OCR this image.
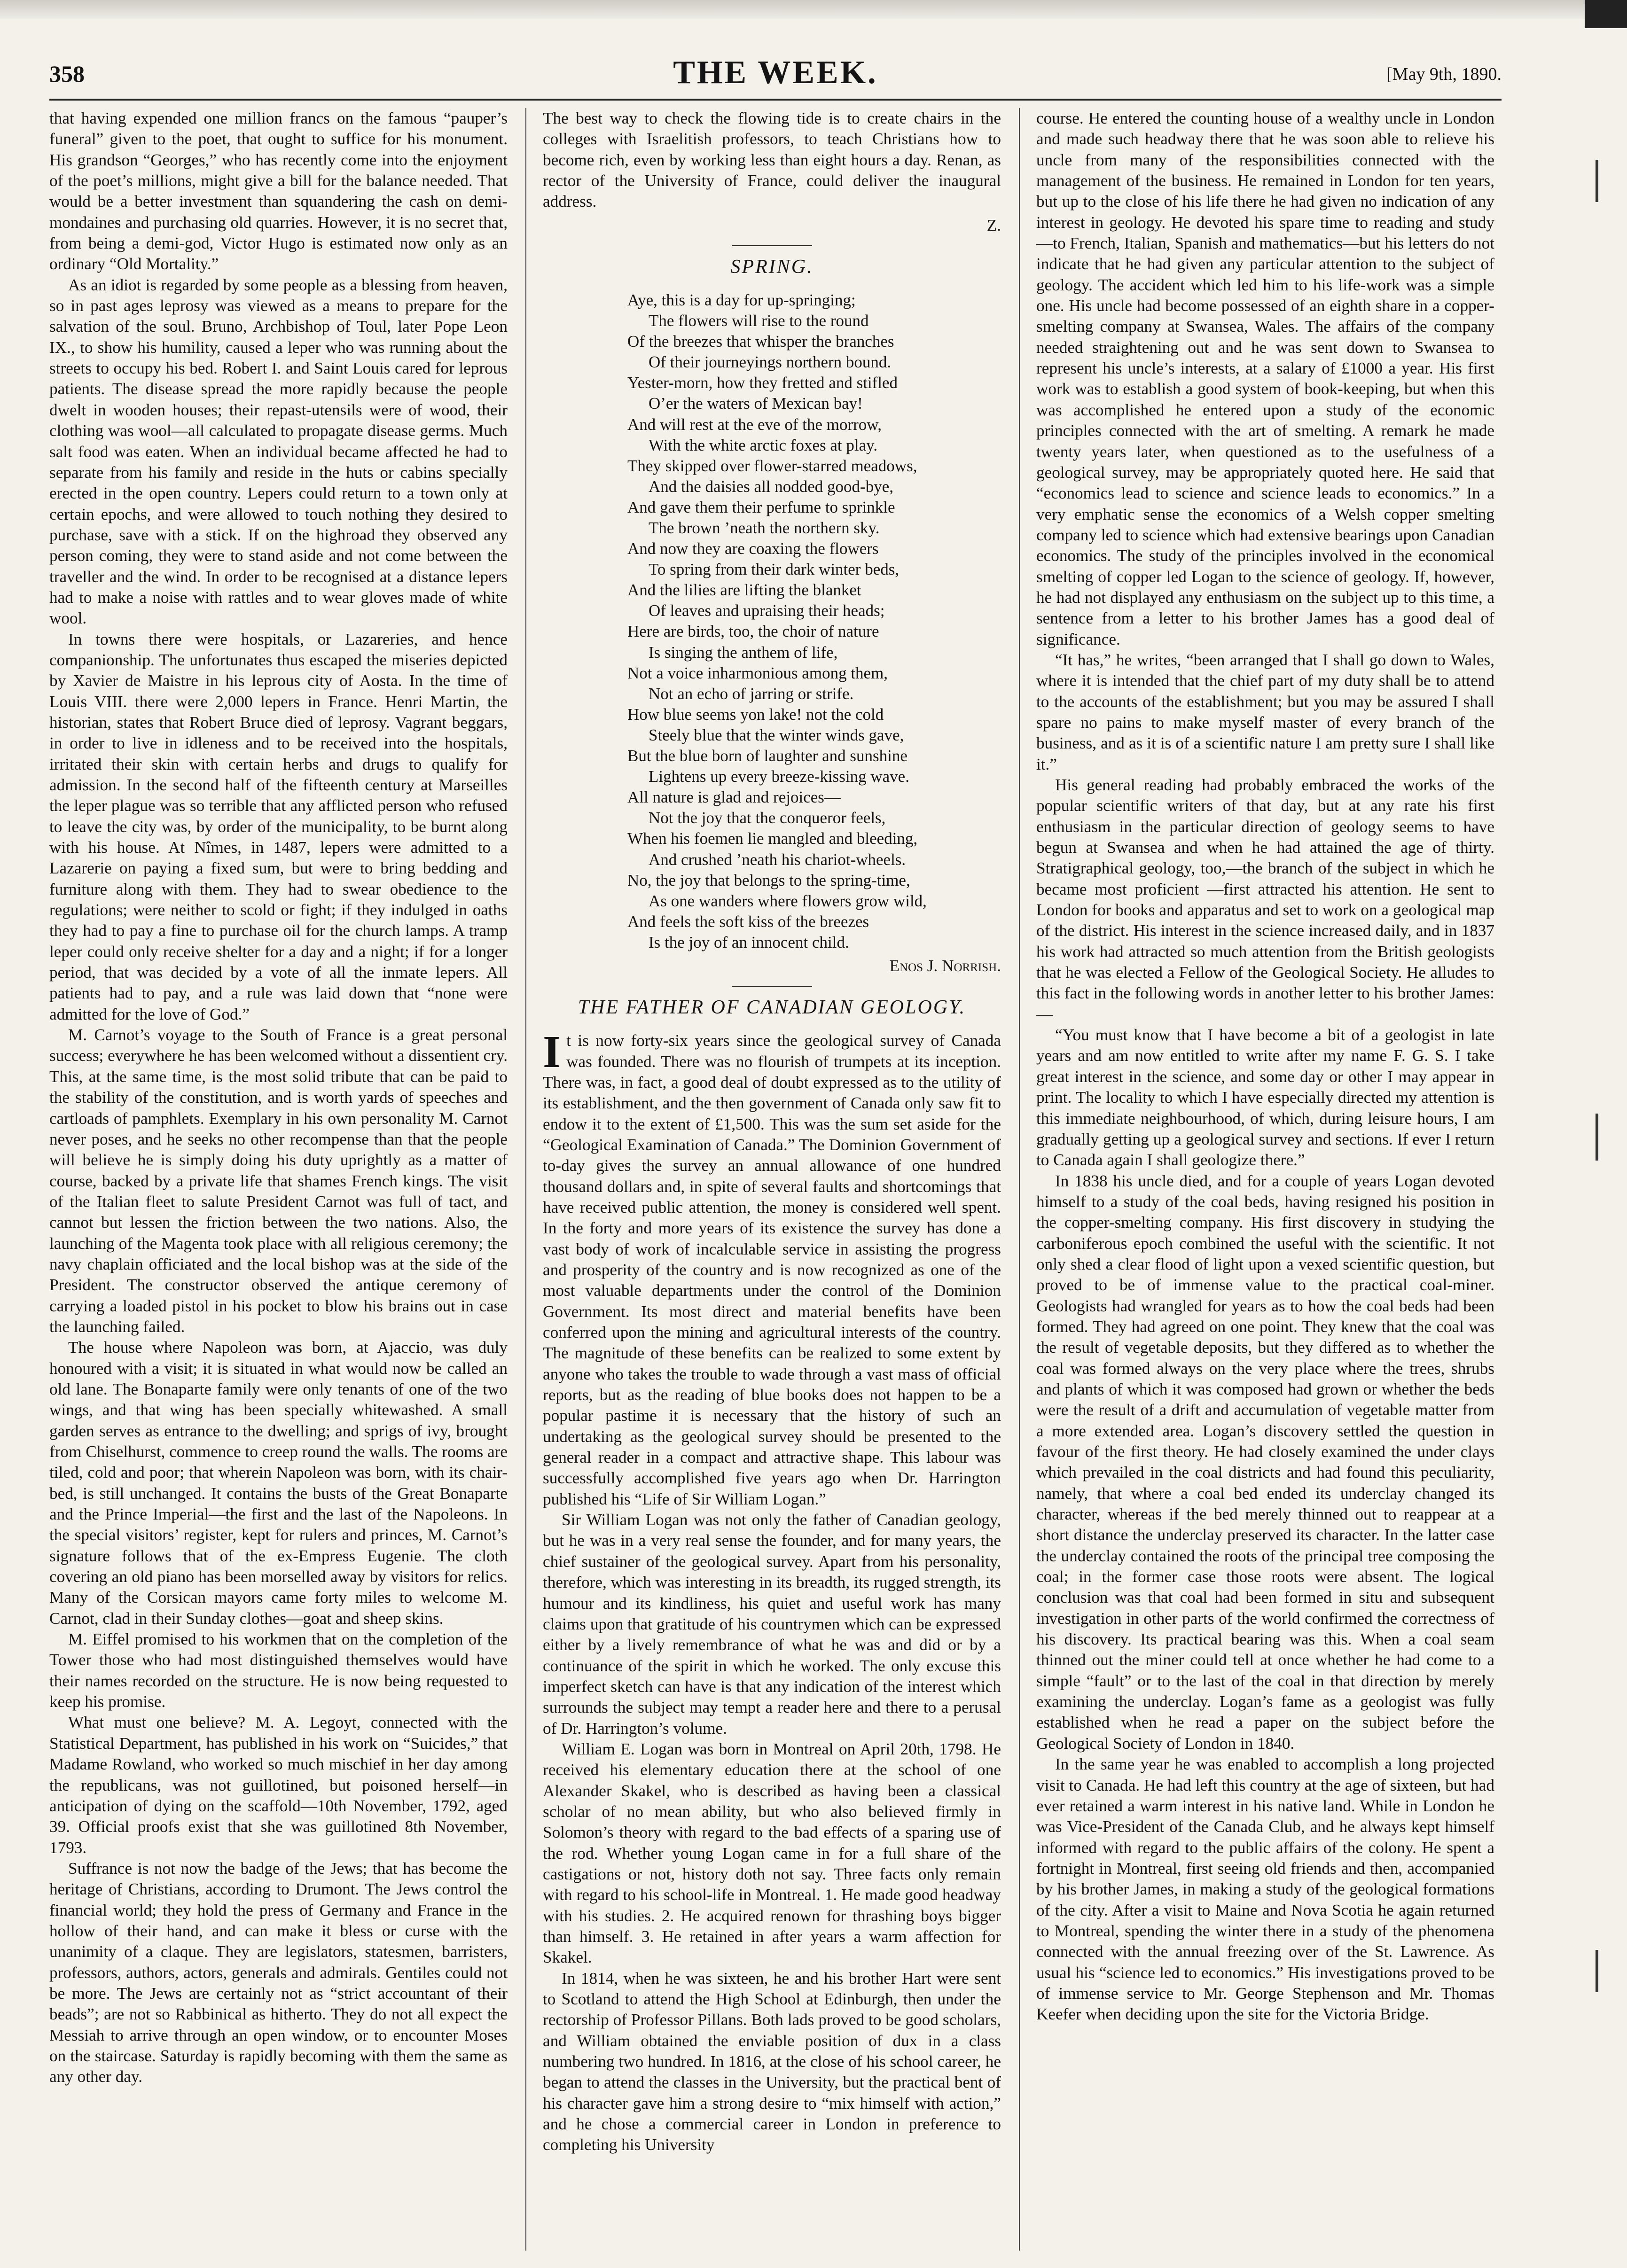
358	THE WEEK.	[May 9th, 1890.

that having expended one million francs on the famous “pauper’s funeral” given to the poet, that ought to suffice for his monument. His grandson “Georges,” who has recently come into the enjoyment of the poet’s millions, might give a bill for the balance needed. That would be a better investment than squandering the cash on demi-mondaines and purchasing old quarries. However, it is no secret that, from being a demi-god, Victor Hugo is estimated now only as an ordinary “Old Mortality.”

As an idiot is regarded by some people as a blessing from heaven, so in past ages leprosy was viewed as a means to prepare for the salvation of the soul. Bruno, Archbishop of Toul, later Pope Leon IX., to show his humility, caused a leper who was running about the streets to occupy his bed. Robert I. and Saint Louis cared for leprous patients. The disease spread the more rapidly because the people dwelt in wooden houses; their repast-utensils were of wood, their clothing was wool—all calculated to propagate disease germs. Much salt food was eaten. When an individual became affected he had to separate from his family and reside in the huts or cabins specially erected in the open country. Lepers could return to a town only at certain epochs, and were allowed to touch nothing they desired to purchase, save with a stick. If on the highroad they observed any person coming, they were to stand aside and not come between the traveller and the wind. In order to be recognised at a distance lepers had to make a noise with rattles and to wear gloves made of white wool.

In towns there were hospitals, or Lazareries, and hence companionship. The unfortunates thus escaped the miseries depicted by Xavier de Maistre in his leprous city of Aosta. In the time of Louis VIII. there were 2,000 lepers in France. Henri Martin, the historian, states that Robert Bruce died of leprosy. Vagrant beggars, in order to live in idleness and to be received into the hospitals, irritated their skin with certain herbs and drugs to qualify for admission. In the second half of the fifteenth century at Marseilles the leper plague was so terrible that any afflicted person who refused to leave the city was, by order of the municipality, to be burnt along with his house. At Nîmes, in 1487, lepers were admitted to a Lazarerie on paying a fixed sum, but were to bring bedding and furniture along with them. They had to swear obedience to the regulations; were neither to scold or fight; if they indulged in oaths they had to pay a fine to purchase oil for the church lamps. A tramp leper could only receive shelter for a day and a night; if for a longer period, that was decided by a vote of all the inmate lepers. All patients had to pay, and a rule was laid down that “none were admitted for the love of God.”

M. Carnot’s voyage to the South of France is a great personal success; everywhere he has been welcomed without a dissentient cry. This, at the same time, is the most solid tribute that can be paid to the stability of the constitution, and is worth yards of speeches and cartloads of pamphlets. Exemplary in his own personality M. Carnot never poses, and he seeks no other recompense than that the people will believe he is simply doing his duty uprightly as a matter of course, backed by a private life that shames French kings. The visit of the Italian fleet to salute President Carnot was full of tact, and cannot but lessen the friction between the two nations. Also, the launching of the Magenta took place with all religious ceremony; the navy chaplain officiated and the local bishop was at the side of the President. The constructor observed the antique ceremony of carrying a loaded pistol in his pocket to blow his brains out in case the launching failed.

The house where Napoleon was born, at Ajaccio, was duly honoured with a visit; it is situated in what would now be called an old lane. The Bonaparte family were only tenants of one of the two wings, and that wing has been specially whitewashed. A small garden serves as entrance to the dwelling; and sprigs of ivy, brought from Chiselhurst, commence to creep round the walls. The rooms are tiled, cold and poor; that wherein Napoleon was born, with its chair-bed, is still unchanged. It contains the busts of the Great Bonaparte and the Prince Imperial—the first and the last of the Napoleons. In the special visitors’ register, kept for rulers and princes, M. Carnot’s signature follows that of the ex-Empress Eugenie. The cloth covering an old piano has been morselled away by visitors for relics. Many of the Corsican mayors came forty miles to welcome M. Carnot, clad in their Sunday clothes—goat and sheep skins.

M. Eiffel promised to his workmen that on the completion of the Tower those who had most distinguished themselves would have their names recorded on the structure. He is now being requested to keep his promise.

What must one believe? M. A. Legoyt, connected with the Statistical Department, has published in his work on “Suicides,” that Madame Rowland, who worked so much mischief in her day among the republicans, was not guillotined, but poisoned herself—in anticipation of dying on the scaffold—10th November, 1792, aged 39. Official proofs exist that she was guillotined 8th November, 1793.

Suffrance is not now the badge of the Jews; that has become the heritage of Christians, according to Drumont. The Jews control the financial world; they hold the press of Germany and France in the hollow of their hand, and can make it bless or curse with the unanimity of a claque. They are legislators, statesmen, barristers, professors, authors, actors, generals and admirals. Gentiles could not be more. The Jews are certainly not as “strict accountant of their beads”; are not so Rabbinical as hitherto. They do not all expect the Messiah to arrive through an open window, or to encounter Moses on the staircase. Saturday is rapidly becoming with them the same as any other day.

The best way to check the flowing tide is to create chairs in the colleges with Israelitish professors, to teach Christians how to become rich, even by working less than eight hours a day. Renan, as rector of the University of France, could deliver the inaugural address.

Z.
SPRING.
Aye, this is a day for up-springing;
The flowers will rise to the round
Of the breezes that whisper the branches
Of their journeyings northern bound.
Yester-morn, how they fretted and stifled
O’er the waters of Mexican bay!
And will rest at the eve of the morrow,
With the white arctic foxes at play.
They skipped over flower-starred meadows,
And the daisies all nodded good-bye,
And gave them their perfume to sprinkle
The brown ’neath the northern sky.
And now they are coaxing the flowers
To spring from their dark winter beds,
And the lilies are lifting the blanket
Of leaves and upraising their heads;
Here are birds, too, the choir of nature
Is singing the anthem of life,
Not a voice inharmonious among them,
Not an echo of jarring or strife.
How blue seems yon lake! not the cold
Steely blue that the winter winds gave,
But the blue born of laughter and sunshine
Lightens up every breeze-kissing wave.
All nature is glad and rejoices—
Not the joy that the conqueror feels,
When his foemen lie mangled and bleeding,
And crushed ’neath his chariot-wheels.
No, the joy that belongs to the spring-time,
As one wanders where flowers grow wild,
And feels the soft kiss of the breezes
Is the joy of an innocent child.
Enos J. Norrish.
THE FATHER OF CANADIAN GEOLOGY.

It is now forty-six years since the geological survey of Canada was founded. There was no flourish of trumpets at its inception. There was, in fact, a good deal of doubt expressed as to the utility of its establishment, and the then government of Canada only saw fit to endow it to the extent of £1,500. This was the sum set aside for the “Geological Examination of Canada.” The Dominion Government of to-day gives the survey an annual allowance of one hundred thousand dollars and, in spite of several faults and shortcomings that have received public attention, the money is considered well spent. In the forty and more years of its existence the survey has done a vast body of work of incalculable service in assisting the progress and prosperity of the country and is now recognized as one of the most valuable departments under the control of the Dominion Government. Its most direct and material benefits have been conferred upon the mining and agricultural interests of the country. The magnitude of these benefits can be realized to some extent by anyone who takes the trouble to wade through a vast mass of official reports, but as the reading of blue books does not happen to be a popular pastime it is necessary that the history of such an undertaking as the geological survey should be presented to the general reader in a compact and attractive shape. This labour was successfully accomplished five years ago when Dr. Harrington published his “Life of Sir William Logan.”

Sir William Logan was not only the father of Canadian geology, but he was in a very real sense the founder, and for many years, the chief sustainer of the geological survey. Apart from his personality, therefore, which was interesting in its breadth, its rugged strength, its humour and its kindliness, his quiet and useful work has many claims upon that gratitude of his countrymen which can be expressed either by a lively remembrance of what he was and did or by a continuance of the spirit in which he worked. The only excuse this imperfect sketch can have is that any indication of the interest which surrounds the subject may tempt a reader here and there to a perusal of Dr. Harrington’s volume.

William E. Logan was born in Montreal on April 20th, 1798. He received his elementary education there at the school of one Alexander Skakel, who is described as having been a classical scholar of no mean ability, but who also believed firmly in Solomon’s theory with regard to the bad effects of a sparing use of the rod. Whether young Logan came in for a full share of the castigations or not, history doth not say. Three facts only remain with regard to his school-life in Montreal. 1. He made good headway with his studies. 2. He acquired renown for thrashing boys bigger than himself. 3. He retained in after years a warm affection for Skakel.

In 1814, when he was sixteen, he and his brother Hart were sent to Scotland to attend the High School at Edinburgh, then under the rectorship of Professor Pillans. Both lads proved to be good scholars, and William obtained the enviable position of dux in a class numbering two hundred. In 1816, at the close of his school career, he began to attend the classes in the University, but the practical bent of his character gave him a strong desire to “mix himself with action,” and he chose a commercial career in London in preference to completing his University

course. He entered the counting house of a wealthy uncle in London and made such headway there that he was soon able to relieve his uncle from many of the responsibilities connected with the management of the business. He remained in London for ten years, but up to the close of his life there he had given no indication of any interest in geology. He devoted his spare time to reading and study —to French, Italian, Spanish and mathematics—but his letters do not indicate that he had given any particular attention to the subject of geology. The accident which led him to his life-work was a simple one. His uncle had become possessed of an eighth share in a copper-smelting company at Swansea, Wales. The affairs of the company needed straightening out and he was sent down to Swansea to represent his uncle’s interests, at a salary of £1000 a year. His first work was to establish a good system of book-keeping, but when this was accomplished he entered upon a study of the economic principles connected with the art of smelting. A remark he made twenty years later, when questioned as to the usefulness of a geological survey, may be appropriately quoted here. He said that “economics lead to science and science leads to economics.” In a very emphatic sense the economics of a Welsh copper smelting company led to science which had extensive bearings upon Canadian economics. The study of the principles involved in the economical smelting of copper led Logan to the science of geology. If, however, he had not displayed any enthusiasm on the subject up to this time, a sentence from a letter to his brother James has a good deal of significance.

“It has,” he writes, “been arranged that I shall go down to Wales, where it is intended that the chief part of my duty shall be to attend to the accounts of the establishment; but you may be assured I shall spare no pains to make myself master of every branch of the business, and as it is of a scientific nature I am pretty sure I shall like it.”

His general reading had probably embraced the works of the popular scientific writers of that day, but at any rate his first enthusiasm in the particular direction of geology seems to have begun at Swansea and when he had attained the age of thirty. Stratigraphical geology, too,—the branch of the subject in which he became most proficient —first attracted his attention. He sent to London for books and apparatus and set to work on a geological map of the district. His interest in the science increased daily, and in 1837 his work had attracted so much attention from the British geologists that he was elected a Fellow of the Geological Society. He alludes to this fact in the following words in another letter to his brother James:—

“You must know that I have become a bit of a geologist in late years and am now entitled to write after my name F. G. S. I take great interest in the science, and some day or other I may appear in print. The locality to which I have especially directed my attention is this immediate neighbourhood, of which, during leisure hours, I am gradually getting up a geological survey and sections. If ever I return to Canada again I shall geologize there.”

In 1838 his uncle died, and for a couple of years Logan devoted himself to a study of the coal beds, having resigned his position in the copper-smelting company. His first discovery in studying the carboniferous epoch combined the useful with the scientific. It not only shed a clear flood of light upon a vexed scientific question, but proved to be of immense value to the practical coal-miner. Geologists had wrangled for years as to how the coal beds had been formed. They had agreed on one point. They knew that the coal was the result of vegetable deposits, but they differed as to whether the coal was formed always on the very place where the trees, shrubs and plants of which it was composed had grown or whether the beds were the result of a drift and accumulation of vegetable matter from a more extended area. Logan’s discovery settled the question in favour of the first theory. He had closely examined the under clays which prevailed in the coal districts and had found this peculiarity, namely, that where a coal bed ended its underclay changed its character, whereas if the bed merely thinned out to reappear at a short distance the underclay preserved its character. In the latter case the underclay contained the roots of the principal tree composing the coal; in the former case those roots were absent. The logical conclusion was that coal had been formed in situ and subsequent investigation in other parts of the world confirmed the correctness of his discovery. Its practical bearing was this. When a coal seam thinned out the miner could tell at once whether he had come to a simple “fault” or to the last of the coal in that direction by merely examining the underclay. Logan’s fame as a geologist was fully established when he read a paper on the subject before the Geological Society of London in 1840.

In the same year he was enabled to accomplish a long projected visit to Canada. He had left this country at the age of sixteen, but had ever retained a warm interest in his native land. While in London he was Vice-President of the Canada Club, and he always kept himself informed with regard to the public affairs of the colony. He spent a fortnight in Montreal, first seeing old friends and then, accompanied by his brother James, in making a study of the geological formations of the city. After a visit to Maine and Nova Scotia he again returned to Montreal, spending the winter there in a study of the phenomena connected with the annual freezing over of the St. Lawrence. As usual his “science led to economics.” His investigations proved to be of immense service to Mr. George Stephenson and Mr. Thomas Keefer when deciding upon the site for the Victoria Bridge.
